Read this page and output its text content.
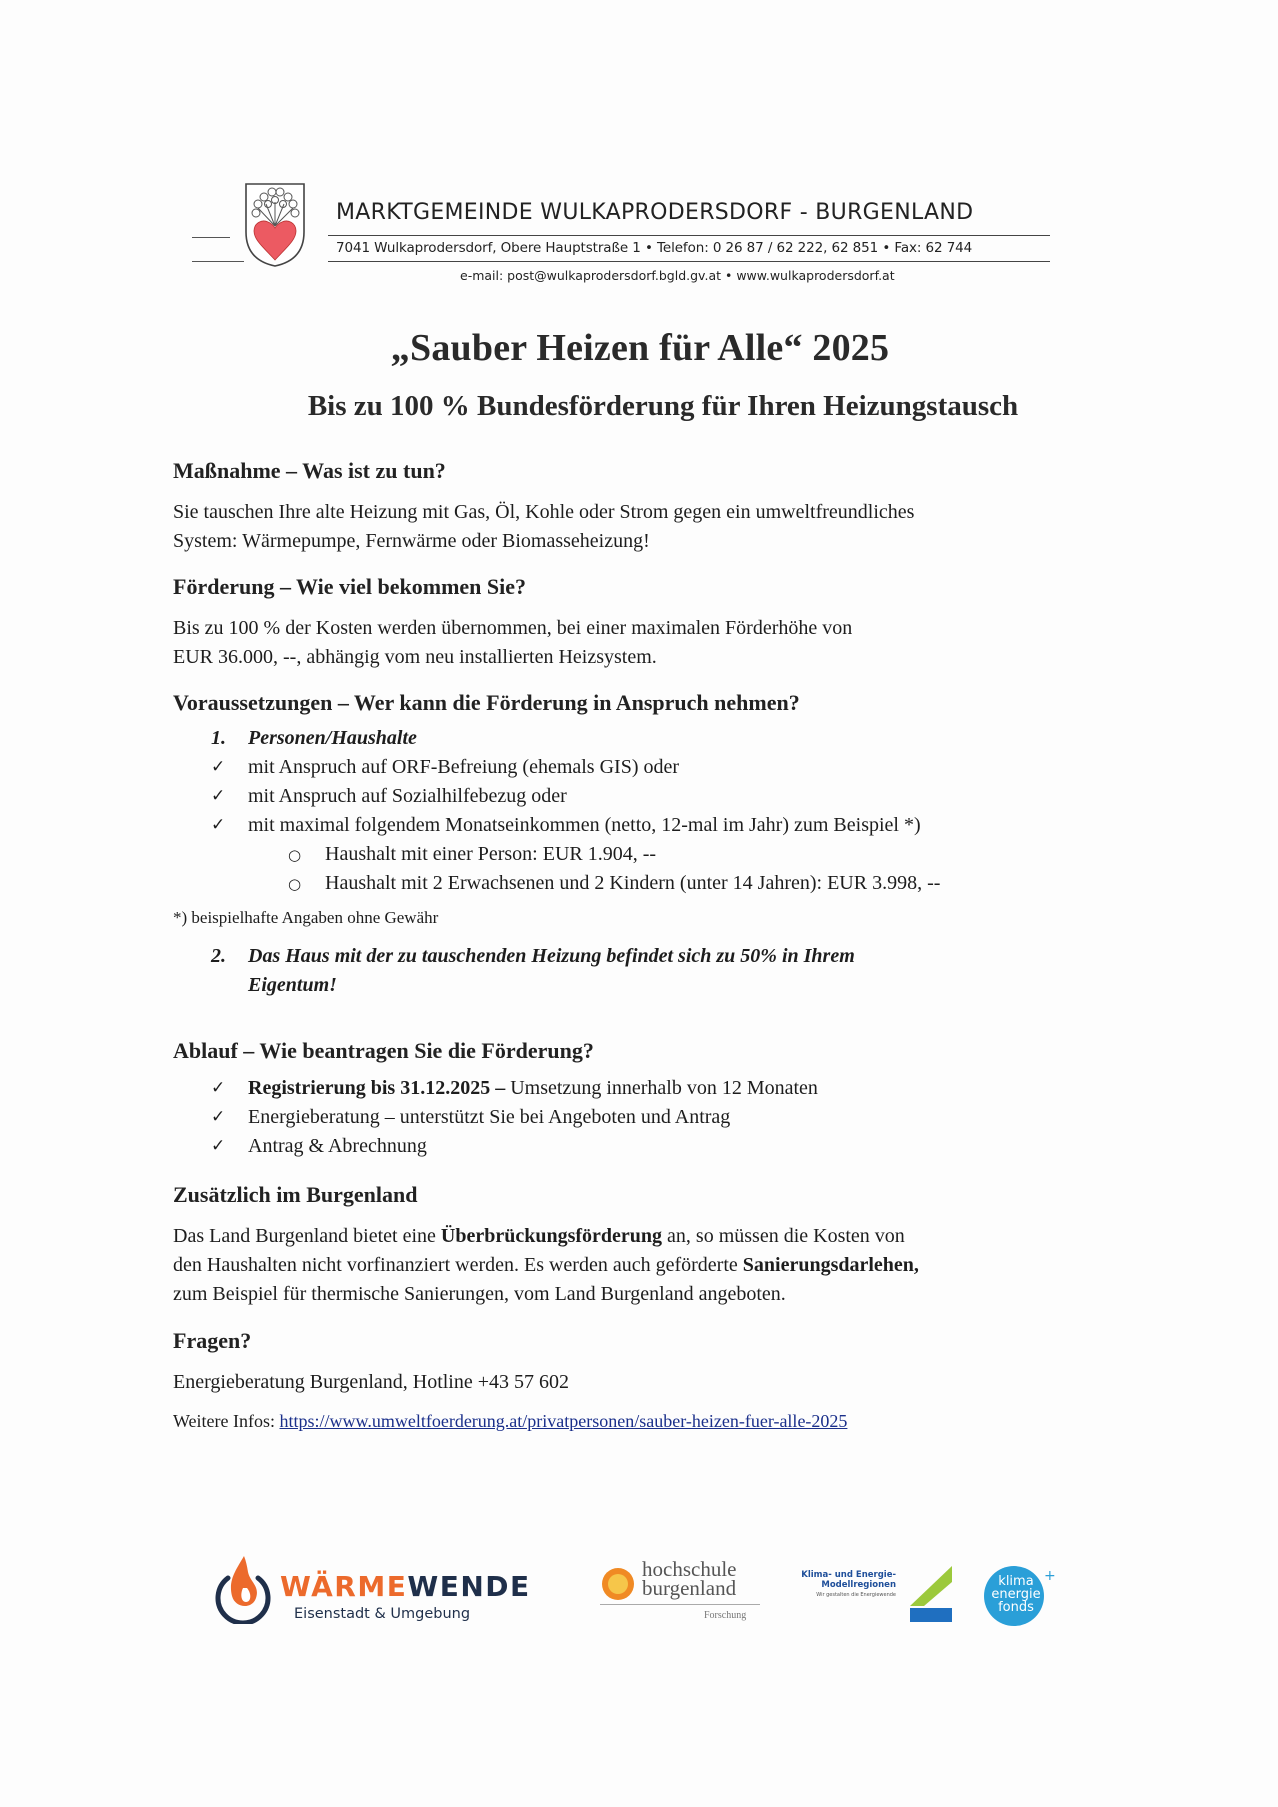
MARKTGEMEINDE WULKAPRODERSDORF - BURGENLAND
7041 Wulkaprodersdorf, Obere Hauptstraße 1 • Telefon: 0 26 87 / 62 222, 62 851 • Fax: 62 744
e-mail: post@wulkaprodersdorf.bgld.gv.at • www.wulkaprodersdorf.at
„Sauber Heizen für Alle“ 2025
Bis zu 100 % Bundesförderung für Ihren Heizungstausch
Maßnahme – Was ist zu tun?

Sie tauschen Ihre alte Heizung mit Gas, Öl, Kohle oder Strom gegen ein umweltfreundliches

System: Wärmepumpe, Fernwärme oder Biomasseheizung!

Förderung – Wie viel bekommen Sie?

Bis zu 100 % der Kosten werden übernommen, bei einer maximalen Förderhöhe von

EUR 36.000, --, abhängig vom neu installierten Heizsystem.

Voraussetzungen – Wer kann die Förderung in Anspruch nehmen?
1. Personen/Haushalte
✓ mit Anspruch auf ORF-Befreiung (ehemals GIS) oder
✓ mit Anspruch auf Sozialhilfebezug oder
✓ mit maximal folgendem Monatseinkommen (netto, 12-mal im Jahr) zum Beispiel *)
○ Haushalt mit einer Person: EUR 1.904, --
○ Haushalt mit 2 Erwachsenen und 2 Kindern (unter 14 Jahren): EUR 3.998, --
*) beispielhafte Angaben ohne Gewähr
2. Das Haus mit der zu tauschenden Heizung befindet sich zu 50% in Ihrem
Eigentum!
Ablauf – Wie beantragen Sie die Förderung?
✓ Registrierung bis 31.12.2025 – Umsetzung innerhalb von 12 Monaten
✓ Energieberatung – unterstützt Sie bei Angeboten und Antrag
✓ Antrag & Abrechnung
Zusätzlich im Burgenland

Das Land Burgenland bietet eine Überbrückungsförderung an, so müssen die Kosten von

den Haushalten nicht vorfinanziert werden. Es werden auch geförderte Sanierungsdarlehen,

zum Beispiel für thermische Sanierungen, vom Land Burgenland angeboten.

Fragen?

Energieberatung Burgenland, Hotline +43 57 602

Weitere Infos: https://www.umweltfoerderung.at/privatpersonen/sauber-heizen-fuer-alle-2025

WÄRMEWENDE
Eisenstadt & Umgebung
hochschule
burgenland
Forschung
Klima- und Energie-
Modellregionen
Wir gestalten die Energiewende
klima
energie
fonds
+
